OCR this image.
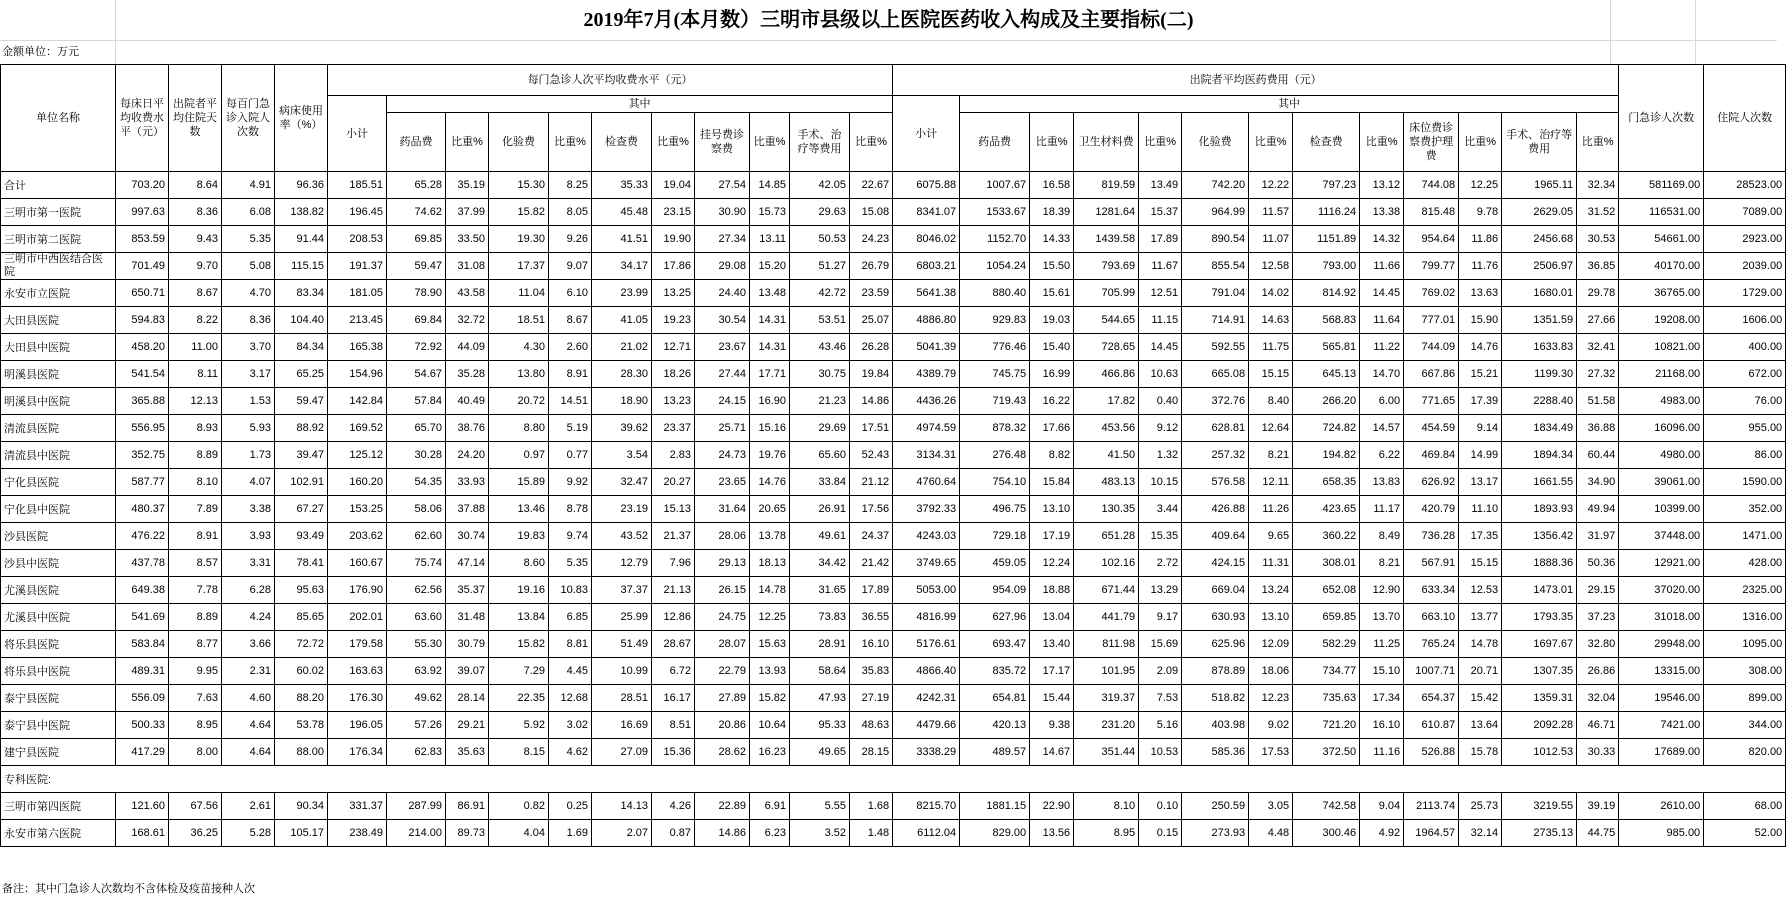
2019年7月(本月数）三明市县级以上医院医药收入构成及主要指标(二)
金额单位：万元
单位名称	每床日平均收费水平（元）	出院者平均住院天数	每百门急诊入院人次数	病床使用率（%）	每门急诊人次平均收费水平（元）											出院者平均医药费用（元）													门急诊人次数	住院人次数
					小计	其中										小计	其中													
						药品费	比重%	化验费	比重%	检查费	比重%	挂号费诊察费	比重%	手术、治疗等费用	比重%		药品费	比重%	卫生材料费	比重%	化验费	比重%	检查费	比重%	床位费诊察费护理费	比重%	手术、治疗等费用	比重%		
合计	703.20	8.64	4.91	96.36	185.51	65.28	35.19	15.30	8.25	35.33	19.04	27.54	14.85	42.05	22.67	6075.88	1007.67	16.58	819.59	13.49	742.20	12.22	797.23	13.12	744.08	12.25	1965.11	32.34	581169.00	28523.00
三明市第一医院	997.63	8.36	6.08	138.82	196.45	74.62	37.99	15.82	8.05	45.48	23.15	30.90	15.73	29.63	15.08	8341.07	1533.67	18.39	1281.64	15.37	964.99	11.57	1116.24	13.38	815.48	9.78	2629.05	31.52	116531.00	7089.00
三明市第二医院	853.59	9.43	5.35	91.44	208.53	69.85	33.50	19.30	9.26	41.51	19.90	27.34	13.11	50.53	24.23	8046.02	1152.70	14.33	1439.58	17.89	890.54	11.07	1151.89	14.32	954.64	11.86	2456.68	30.53	54661.00	2923.00
三明市中西医结合医院	701.49	9.70	5.08	115.15	191.37	59.47	31.08	17.37	9.07	34.17	17.86	29.08	15.20	51.27	26.79	6803.21	1054.24	15.50	793.69	11.67	855.54	12.58	793.00	11.66	799.77	11.76	2506.97	36.85	40170.00	2039.00
永安市立医院	650.71	8.67	4.70	83.34	181.05	78.90	43.58	11.04	6.10	23.99	13.25	24.40	13.48	42.72	23.59	5641.38	880.40	15.61	705.99	12.51	791.04	14.02	814.92	14.45	769.02	13.63	1680.01	29.78	36765.00	1729.00
大田县医院	594.83	8.22	8.36	104.40	213.45	69.84	32.72	18.51	8.67	41.05	19.23	30.54	14.31	53.51	25.07	4886.80	929.83	19.03	544.65	11.15	714.91	14.63	568.83	11.64	777.01	15.90	1351.59	27.66	19208.00	1606.00
大田县中医院	458.20	11.00	3.70	84.34	165.38	72.92	44.09	4.30	2.60	21.02	12.71	23.67	14.31	43.46	26.28	5041.39	776.46	15.40	728.65	14.45	592.55	11.75	565.81	11.22	744.09	14.76	1633.83	32.41	10821.00	400.00
明溪县医院	541.54	8.11	3.17	65.25	154.96	54.67	35.28	13.80	8.91	28.30	18.26	27.44	17.71	30.75	19.84	4389.79	745.75	16.99	466.86	10.63	665.08	15.15	645.13	14.70	667.86	15.21	1199.30	27.32	21168.00	672.00
明溪县中医院	365.88	12.13	1.53	59.47	142.84	57.84	40.49	20.72	14.51	18.90	13.23	24.15	16.90	21.23	14.86	4436.26	719.43	16.22	17.82	0.40	372.76	8.40	266.20	6.00	771.65	17.39	2288.40	51.58	4983.00	76.00
清流县医院	556.95	8.93	5.93	88.92	169.52	65.70	38.76	8.80	5.19	39.62	23.37	25.71	15.16	29.69	17.51	4974.59	878.32	17.66	453.56	9.12	628.81	12.64	724.82	14.57	454.59	9.14	1834.49	36.88	16096.00	955.00
清流县中医院	352.75	8.89	1.73	39.47	125.12	30.28	24.20	0.97	0.77	3.54	2.83	24.73	19.76	65.60	52.43	3134.31	276.48	8.82	41.50	1.32	257.32	8.21	194.82	6.22	469.84	14.99	1894.34	60.44	4980.00	86.00
宁化县医院	587.77	8.10	4.07	102.91	160.20	54.35	33.93	15.89	9.92	32.47	20.27	23.65	14.76	33.84	21.12	4760.64	754.10	15.84	483.13	10.15	576.58	12.11	658.35	13.83	626.92	13.17	1661.55	34.90	39061.00	1590.00
宁化县中医院	480.37	7.89	3.38	67.27	153.25	58.06	37.88	13.46	8.78	23.19	15.13	31.64	20.65	26.91	17.56	3792.33	496.75	13.10	130.35	3.44	426.88	11.26	423.65	11.17	420.79	11.10	1893.93	49.94	10399.00	352.00
沙县医院	476.22	8.91	3.93	93.49	203.62	62.60	30.74	19.83	9.74	43.52	21.37	28.06	13.78	49.61	24.37	4243.03	729.18	17.19	651.28	15.35	409.64	9.65	360.22	8.49	736.28	17.35	1356.42	31.97	37448.00	1471.00
沙县中医院	437.78	8.57	3.31	78.41	160.67	75.74	47.14	8.60	5.35	12.79	7.96	29.13	18.13	34.42	21.42	3749.65	459.05	12.24	102.16	2.72	424.15	11.31	308.01	8.21	567.91	15.15	1888.36	50.36	12921.00	428.00
尤溪县医院	649.38	7.78	6.28	95.63	176.90	62.56	35.37	19.16	10.83	37.37	21.13	26.15	14.78	31.65	17.89	5053.00	954.09	18.88	671.44	13.29	669.04	13.24	652.08	12.90	633.34	12.53	1473.01	29.15	37020.00	2325.00
尤溪县中医院	541.69	8.89	4.24	85.65	202.01	63.60	31.48	13.84	6.85	25.99	12.86	24.75	12.25	73.83	36.55	4816.99	627.96	13.04	441.79	9.17	630.93	13.10	659.85	13.70	663.10	13.77	1793.35	37.23	31018.00	1316.00
将乐县医院	583.84	8.77	3.66	72.72	179.58	55.30	30.79	15.82	8.81	51.49	28.67	28.07	15.63	28.91	16.10	5176.61	693.47	13.40	811.98	15.69	625.96	12.09	582.29	11.25	765.24	14.78	1697.67	32.80	29948.00	1095.00
将乐县中医院	489.31	9.95	2.31	60.02	163.63	63.92	39.07	7.29	4.45	10.99	6.72	22.79	13.93	58.64	35.83	4866.40	835.72	17.17	101.95	2.09	878.89	18.06	734.77	15.10	1007.71	20.71	1307.35	26.86	13315.00	308.00
泰宁县医院	556.09	7.63	4.60	88.20	176.30	49.62	28.14	22.35	12.68	28.51	16.17	27.89	15.82	47.93	27.19	4242.31	654.81	15.44	319.37	7.53	518.82	12.23	735.63	17.34	654.37	15.42	1359.31	32.04	19546.00	899.00
泰宁县中医院	500.33	8.95	4.64	53.78	196.05	57.26	29.21	5.92	3.02	16.69	8.51	20.86	10.64	95.33	48.63	4479.66	420.13	9.38	231.20	5.16	403.98	9.02	721.20	16.10	610.87	13.64	2092.28	46.71	7421.00	344.00
建宁县医院	417.29	8.00	4.64	88.00	176.34	62.83	35.63	8.15	4.62	27.09	15.36	28.62	16.23	49.65	28.15	3338.29	489.57	14.67	351.44	10.53	585.36	17.53	372.50	11.16	526.88	15.78	1012.53	30.33	17689.00	820.00
专科医院:																														
三明市第四医院	121.60	67.56	2.61	90.34	331.37	287.99	86.91	0.82	0.25	14.13	4.26	22.89	6.91	5.55	1.68	8215.70	1881.15	22.90	8.10	0.10	250.59	3.05	742.58	9.04	2113.74	25.73	3219.55	39.19	2610.00	68.00
永安市第六医院	168.61	36.25	5.28	105.17	238.49	214.00	89.73	4.04	1.69	2.07	0.87	14.86	6.23	3.52	1.48	6112.04	829.00	13.56	8.95	0.15	273.93	4.48	300.46	4.92	1964.57	32.14	2735.13	44.75	985.00	52.00
备注：其中门急诊人次数均不含体检及疫苗接种人次
